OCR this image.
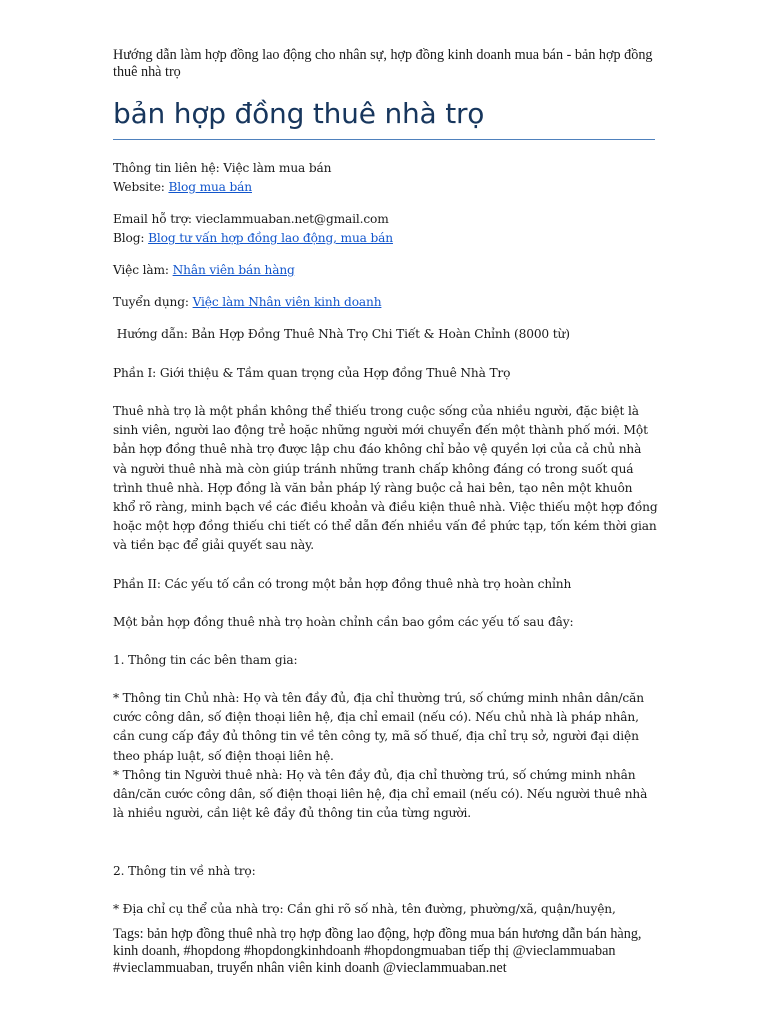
Hướng dẫn làm hợp đồng lao động cho nhân sự, hợp đồng kinh doanh mua bán - bản hợp đồng thuê nhà trọ
bản hợp đồng thuê nhà trọ

Thông tin liên hệ: Việc làm mua bán

Website: Blog mua bán

Email hỗ trợ: vieclammuaban.net@gmail.com

Blog: Blog tư vấn hợp đồng lao động, mua bán

Việc làm: Nhân viên bán hàng

Tuyển dụng: Việc làm Nhân viên kinh doanh

Hướng dẫn: Bản Hợp Đồng Thuê Nhà Trọ Chi Tiết & Hoàn Chỉnh (8000 từ)

Phần I: Giới thiệu & Tầm quan trọng của Hợp đồng Thuê Nhà Trọ

Thuê nhà trọ là một phần không thể thiếu trong cuộc sống của nhiều người, đặc biệt là sinh viên, người lao động trẻ hoặc những người mới chuyển đến một thành phố mới. Một bản hợp đồng thuê nhà trọ được lập chu đáo không chỉ bảo vệ quyền lợi của cả chủ nhà và người thuê nhà mà còn giúp tránh những tranh chấp không đáng có trong suốt quá trình thuê nhà. Hợp đồng là văn bản pháp lý ràng buộc cả hai bên, tạo nên một khuôn khổ rõ ràng, minh bạch về các điều khoản và điều kiện thuê nhà. Việc thiếu một hợp đồng hoặc một hợp đồng thiếu chi tiết có thể dẫn đến nhiều vấn đề phức tạp, tốn kém thời gian và tiền bạc để giải quyết sau này.

Phần II: Các yếu tố cần có trong một bản hợp đồng thuê nhà trọ hoàn chỉnh

Một bản hợp đồng thuê nhà trọ hoàn chỉnh cần bao gồm các yếu tố sau đây:

1. Thông tin các bên tham gia:

* Thông tin Chủ nhà: Họ và tên đầy đủ, địa chỉ thường trú, số chứng minh nhân dân/căn cước công dân, số điện thoại liên hệ, địa chỉ email (nếu có). Nếu chủ nhà là pháp nhân, cần cung cấp đầy đủ thông tin về tên công ty, mã số thuế, địa chỉ trụ sở, người đại diện theo pháp luật, số điện thoại liên hệ.
* Thông tin Người thuê nhà: Họ và tên đầy đủ, địa chỉ thường trú, số chứng minh nhân dân/căn cước công dân, số điện thoại liên hệ, địa chỉ email (nếu có). Nếu người thuê nhà là nhiều người, cần liệt kê đầy đủ thông tin của từng người.

2. Thông tin về nhà trọ:

* Địa chỉ cụ thể của nhà trọ: Cần ghi rõ số nhà, tên đường, phường/xã, quận/huyện,

Tags: bản hợp đồng thuê nhà trọ hợp đồng lao động, hợp đồng mua bán hương dẫn bán hàng, kinh doanh, #hopdong #hopdongkinhdoanh #hopdongmuaban tiếp thị @vieclammuaban #vieclammuaban, truyển nhân viên kinh doanh @vieclammuaban.net
